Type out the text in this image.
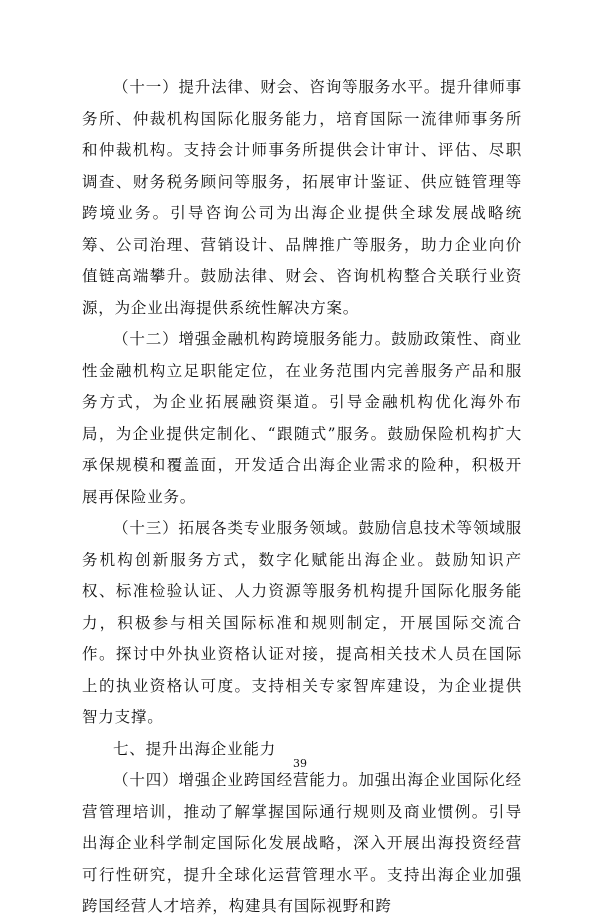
（十一）提升法律、财会、咨询等服务水平。提升律师事务所、仲裁机构国际化服务能力，培育国际一流律师事务所和仲裁机构。支持会计师事务所提供会计审计、评估、尽职调查、财务税务顾问等服务，拓展审计鉴证、供应链管理等跨境业务。引导咨询公司为出海企业提供全球发展战略统筹、公司治理、营销设计、品牌推广等服务，助力企业向价值链高端攀升。鼓励法律、财会、咨询机构整合关联行业资源，为企业出海提供系统性解决方案。

（十二）增强金融机构跨境服务能力。鼓励政策性、商业性金融机构立足职能定位，在业务范围内完善服务产品和服务方式，为企业拓展融资渠道。引导金融机构优化海外布局，为企业提供定制化、“跟随式”服务。鼓励保险机构扩大承保规模和覆盖面，开发适合出海企业需求的险种，积极开展再保险业务。

（十三）拓展各类专业服务领域。鼓励信息技术等领域服务机构创新服务方式，数字化赋能出海企业。鼓励知识产权、标准检验认证、人力资源等服务机构提升国际化服务能力，积极参与相关国际标准和规则制定，开展国际交流合作。探讨中外执业资格认证对接，提高相关技术人员在国际上的执业资格认可度。支持相关专家智库建设，为企业提供智力支撑。

七、提升出海企业能力

（十四）增强企业跨国经营能力。加强出海企业国际化经营管理培训，推动了解掌握国际通行规则及商业惯例。引导出海企业科学制定国际化发展战略，深入开展出海投资经营可行性研究，提升全球化运营管理水平。支持出海企业加强跨国经营人才培养，构建具有国际视野和跨

39
